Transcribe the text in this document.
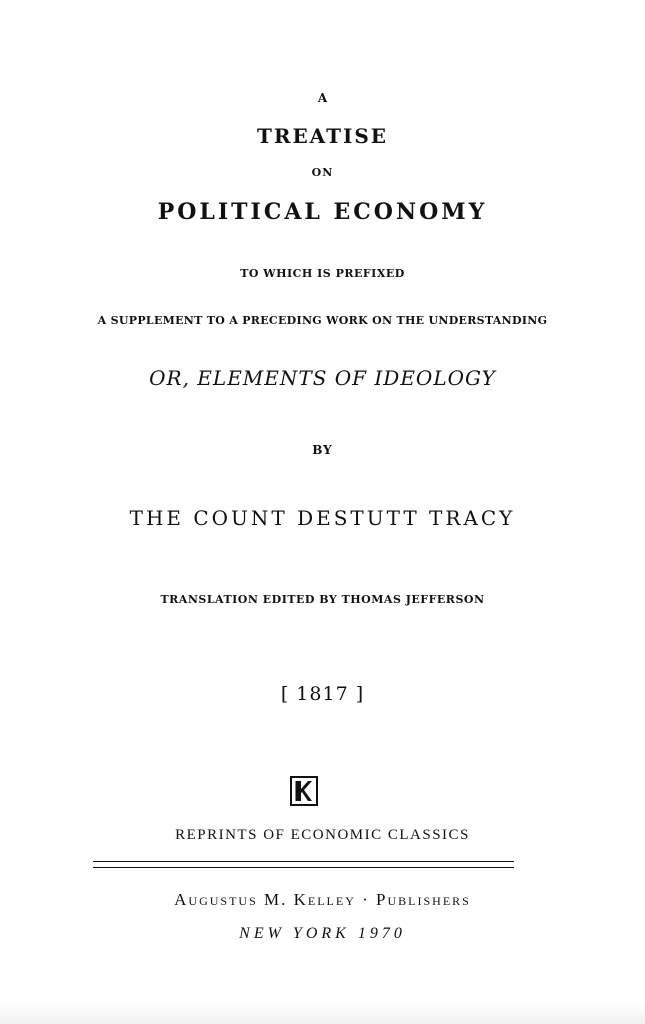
A
TREATISE
ON
POLITICAL ECONOMY
TO WHICH IS PREFIXED
A SUPPLEMENT TO A PRECEDING WORK ON THE UNDERSTANDING
OR, ELEMENTS OF IDEOLOGY
BY
THE COUNT DESTUTT TRACY
TRANSLATION EDITED BY THOMAS JEFFERSON
[ 1817 ]
REPRINTS OF ECONOMIC CLASSICS
Augustus M. Kelley · Publishers
NEW YORK 1970
